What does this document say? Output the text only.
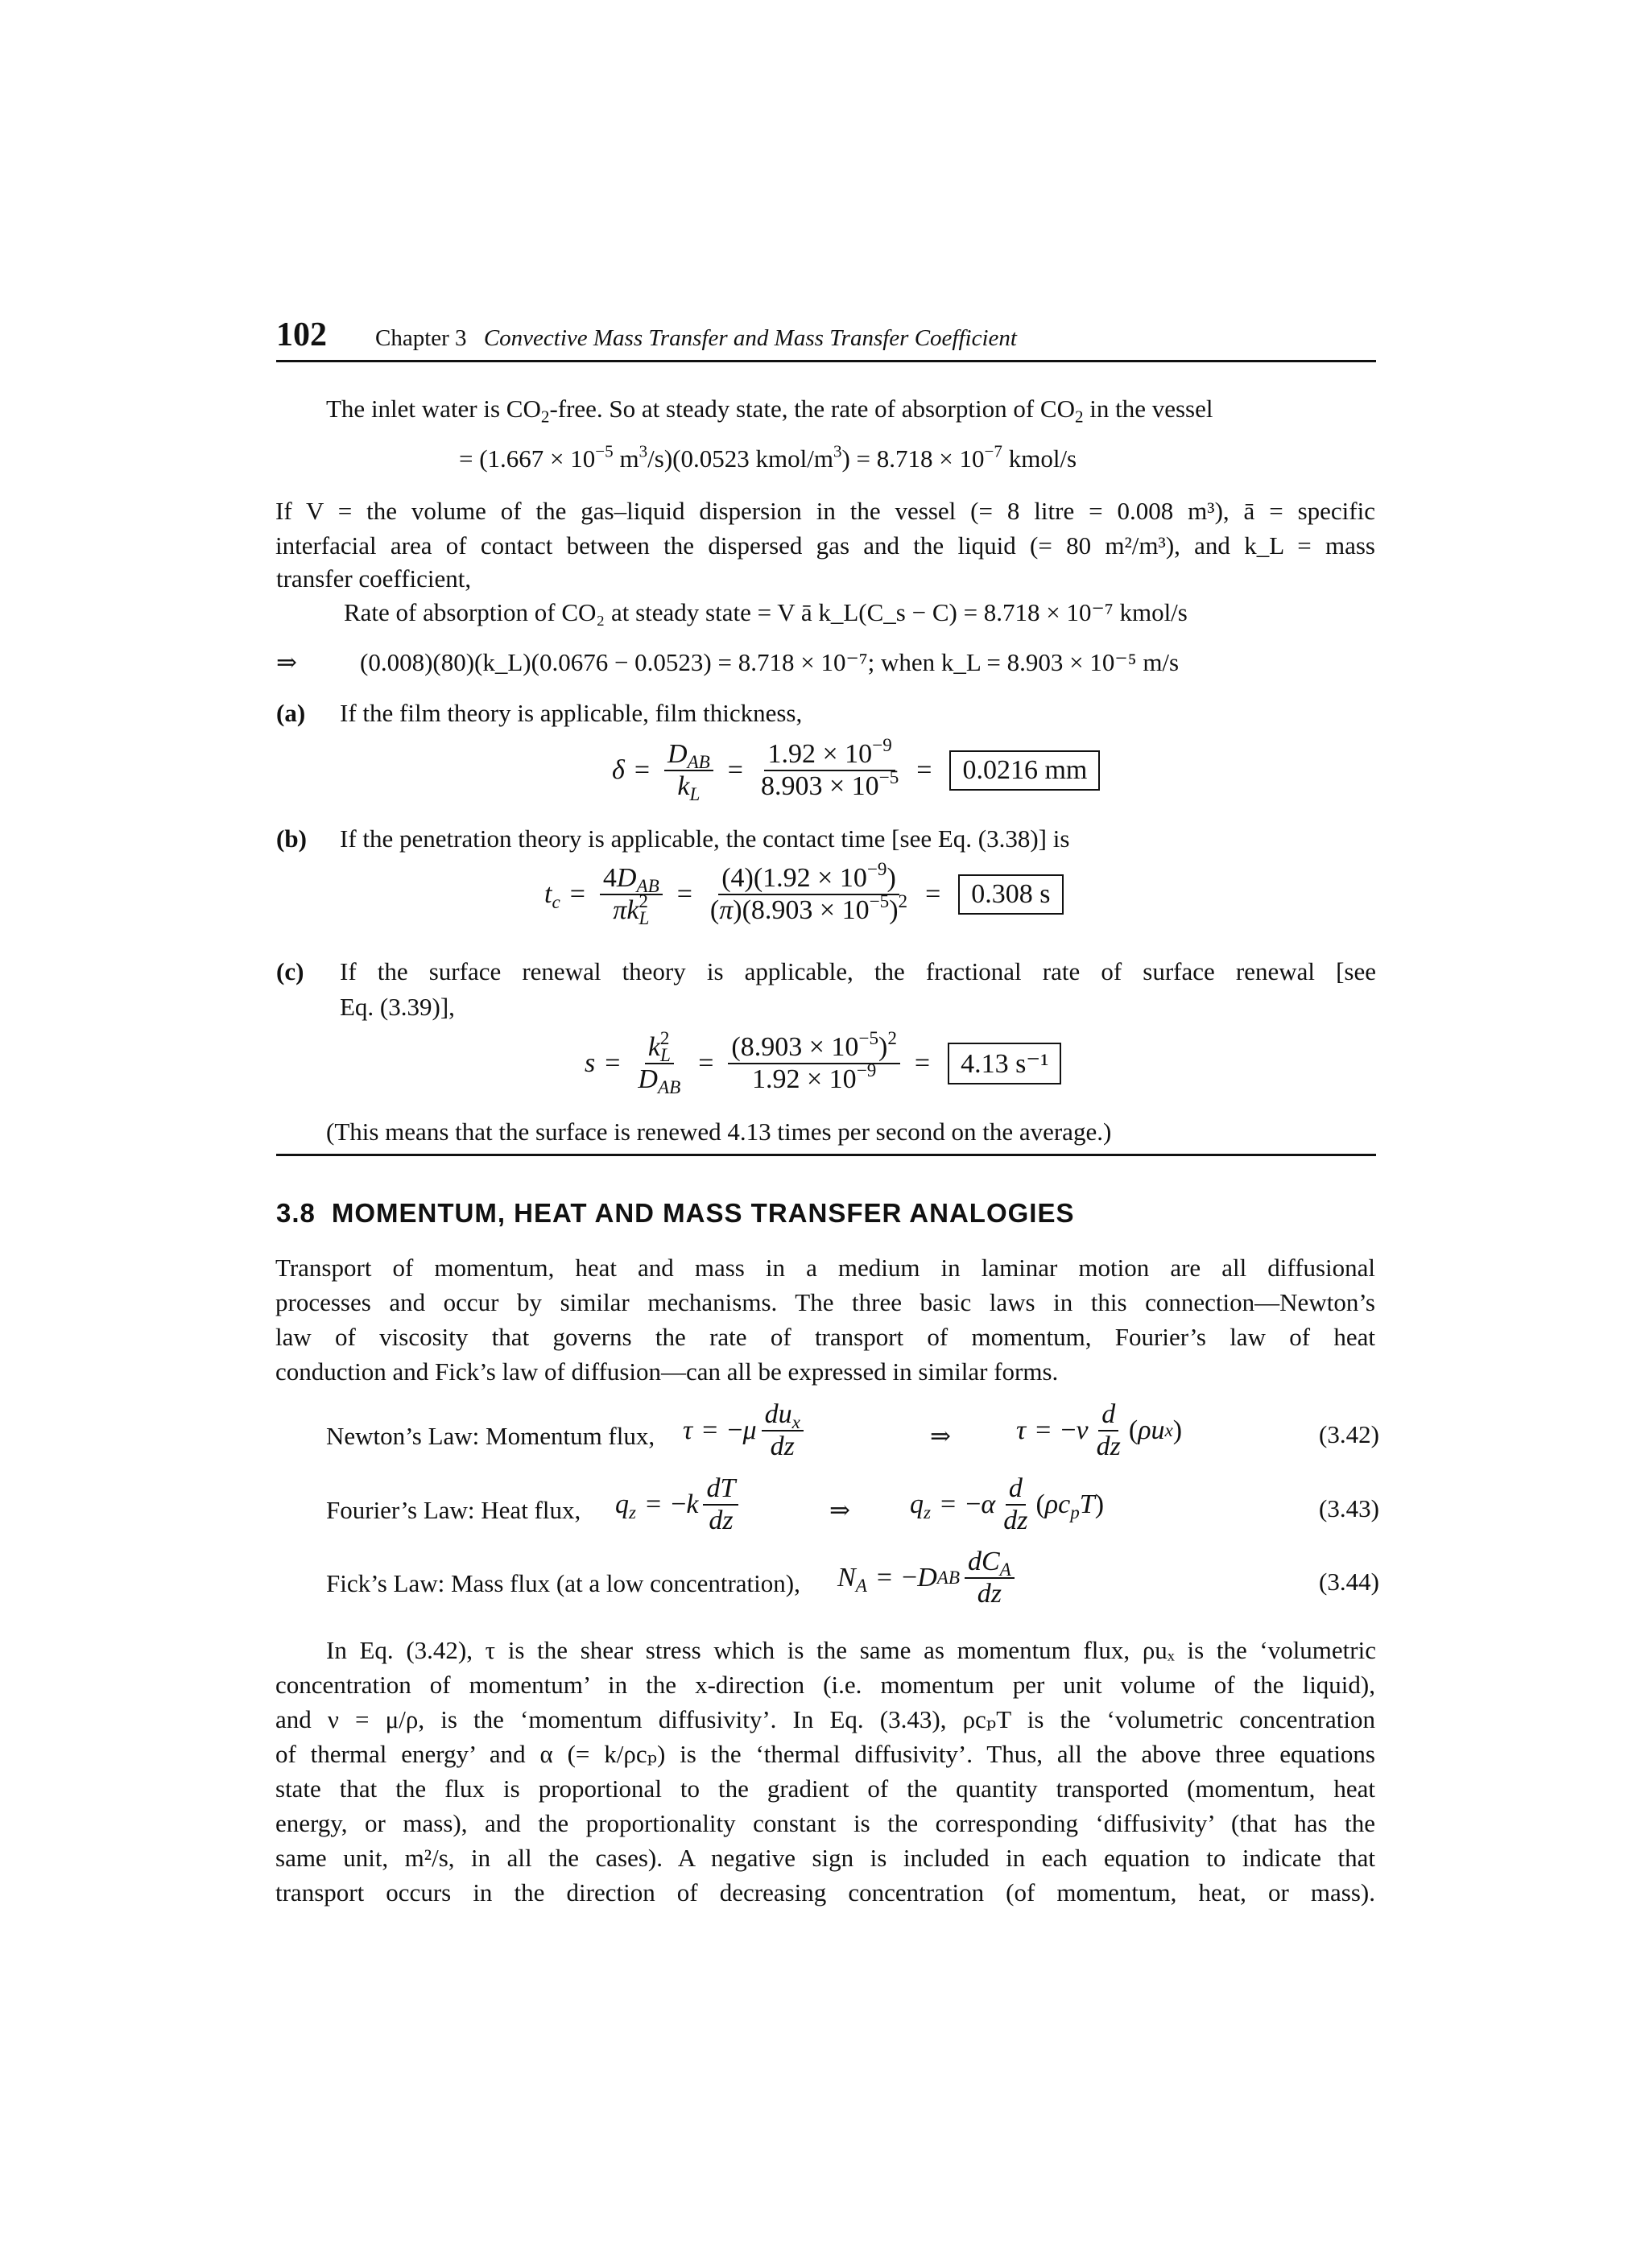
102 Chapter 3 Convective Mass Transfer and Mass Transfer Coefficient
The inlet water is $CO_2$-free. So at steady state, the rate of absorption of $CO_2$ in the vessel
= ($1.667 \times 10^{-5}$ $m^3/s)(0.0523$ kmol/$m^3) = 8.718 \times 10^{-7}$ kmol/s
If V = the volume of the gas–liquid dispersion in the vessel (= 8 litre = 0.008 m³), ā = specific
interfacial area of contact between the dispersed gas and the liquid (= 80 m²/m³), and k_L = mass
transfer coefficient,
Rate of absorption of CO₂ at steady state = V ā k_L(C_s − C) = 8.718 × 10⁻⁷ kmol/s
⇒	(0.008)(80)(k_L)(0.0676 − 0.0523) = 8.718 × 10⁻⁷; when k_L = 8.903 × 10⁻⁵ m/s
(a) If the film theory is applicable, film thickness,
$\delta = \frac{D_{AB}}{k_L} = \frac{1.92 \times 10^{-9}}{8.903 \times 10^{-5}}$ =	0.0216 mm
(b) If the penetration theory is applicable, the contact time [see Eq. (3.38)] is
$t_c = \frac{4D_{AB}}{\pi k^2_L} = \frac{(4)(1.92 \times 10^{-9})}{(\pi)(8.903 \times 10^{-5})^2}$ =	0.308 s
(c) If the surface renewal theory is applicable, the fractional rate of surface renewal [see
Eq. (3.39)],
$s = \frac{k^2_L}{D_{AB}} = \frac{(8.903 \times 10^{-5})^2}{1.92 \times 10^{-9}}$ =	4.13 s⁻¹
(This means that the surface is renewed 4.13 times per second on the average.)
3.8 MOMENTUM, HEAT AND MASS TRANSFER ANALOGIES
Transport of momentum, heat and mass in a medium in laminar motion are all diffusional
processes and occur by similar mechanisms. The three basic laws in this connection—Newton’s
law of viscosity that governs the rate of transport of momentum, Fourier’s law of heat
conduction and Fick’s law of diffusion—can all be expressed in similar forms.
Newton’s Law: Momentum flux, τ = − μ $\frac{du_x}{dz}$	⇒ τ = − ν $\frac{d}{dz}$ ( ρu x )	(3.42)
Fourier’s Law: Heat flux, $q_z$ = − k $\frac{dT}{dz}$	⇒ $q_z$ = − α $\frac{d}{dz}$ ( $\rho c_pT$ )	(3.43)
Fick’s Law: Mass flux (at a low concentration), $N_A$ = − D AB $\frac{dC_A}{dz}$	(3.44)
In Eq. (3.42), τ is the shear stress which is the same as momentum flux, ρuₓ is the ‘volumetric
concentration of momentum’ in the x-direction (i.e. momentum per unit volume of the liquid),
and ν = μ/ρ, is the ‘momentum diffusivity’. In Eq. (3.43), ρcₚT is the ‘volumetric concentration
of thermal energy’ and α (= k/ρcₚ) is the ‘thermal diffusivity’. Thus, all the above three equations
state that the flux is proportional to the gradient of the quantity transported (momentum, heat
energy, or mass), and the proportionality constant is the corresponding ‘diffusivity’ (that has the
same unit, m²/s, in all the cases). A negative sign is included in each equation to indicate that
transport occurs in the direction of decreasing concentration (of momentum, heat, or mass).
